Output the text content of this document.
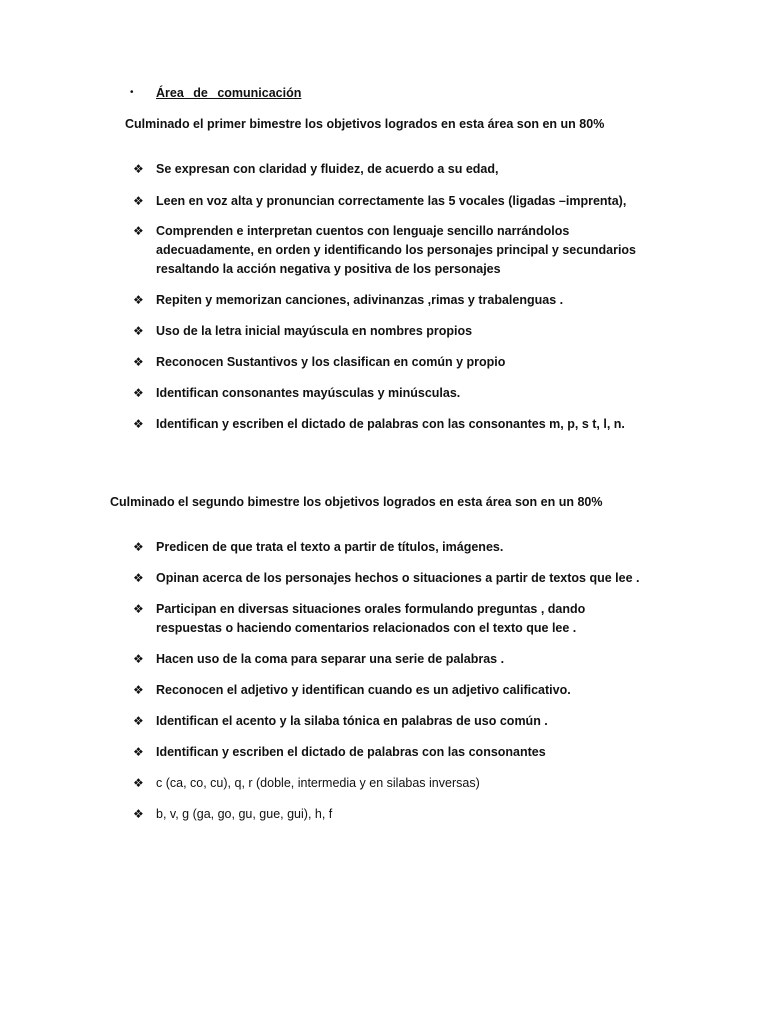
• Área de comunicación
Culminado el primer bimestre los objetivos logrados en esta área son en un 80%
❖ Se expresan con claridad y fluidez, de acuerdo a su edad,
❖ Leen en voz alta y pronuncian correctamente las 5 vocales (ligadas –imprenta),
❖ Comprenden e interpretan cuentos con lenguaje sencillo narrándolos adecuadamente, en orden y identificando los personajes principal y secundarios resaltando la acción negativa y positiva de los personajes
❖ Repiten y memorizan canciones, adivinanzas ,rimas y trabalenguas .
❖ Uso de la letra inicial mayúscula en nombres propios
❖ Reconocen Sustantivos y los clasifican en común y propio
❖ Identifican consonantes mayúsculas y minúsculas.
❖ Identifican y escriben el dictado de palabras con las consonantes m, p, s t, l, n.
Culminado el segundo bimestre los objetivos logrados en esta área son en un 80%
❖ Predicen de que trata el texto a partir de títulos, imágenes.
❖ Opinan acerca de los personajes hechos o situaciones a partir de textos que lee .
❖ Participan en diversas situaciones orales formulando preguntas , dando respuestas o haciendo comentarios relacionados con el texto que lee .
❖ Hacen uso de la coma para separar una serie de palabras .
❖ Reconocen el adjetivo y identifican cuando es un adjetivo calificativo.
❖ Identifican el acento y la silaba tónica en palabras de uso común .
❖ Identifican y escriben el dictado de palabras con las consonantes
❖ c (ca, co, cu), q, r (doble, intermedia y en silabas inversas)
❖ b, v, g (ga, go, gu, gue, gui), h, f
